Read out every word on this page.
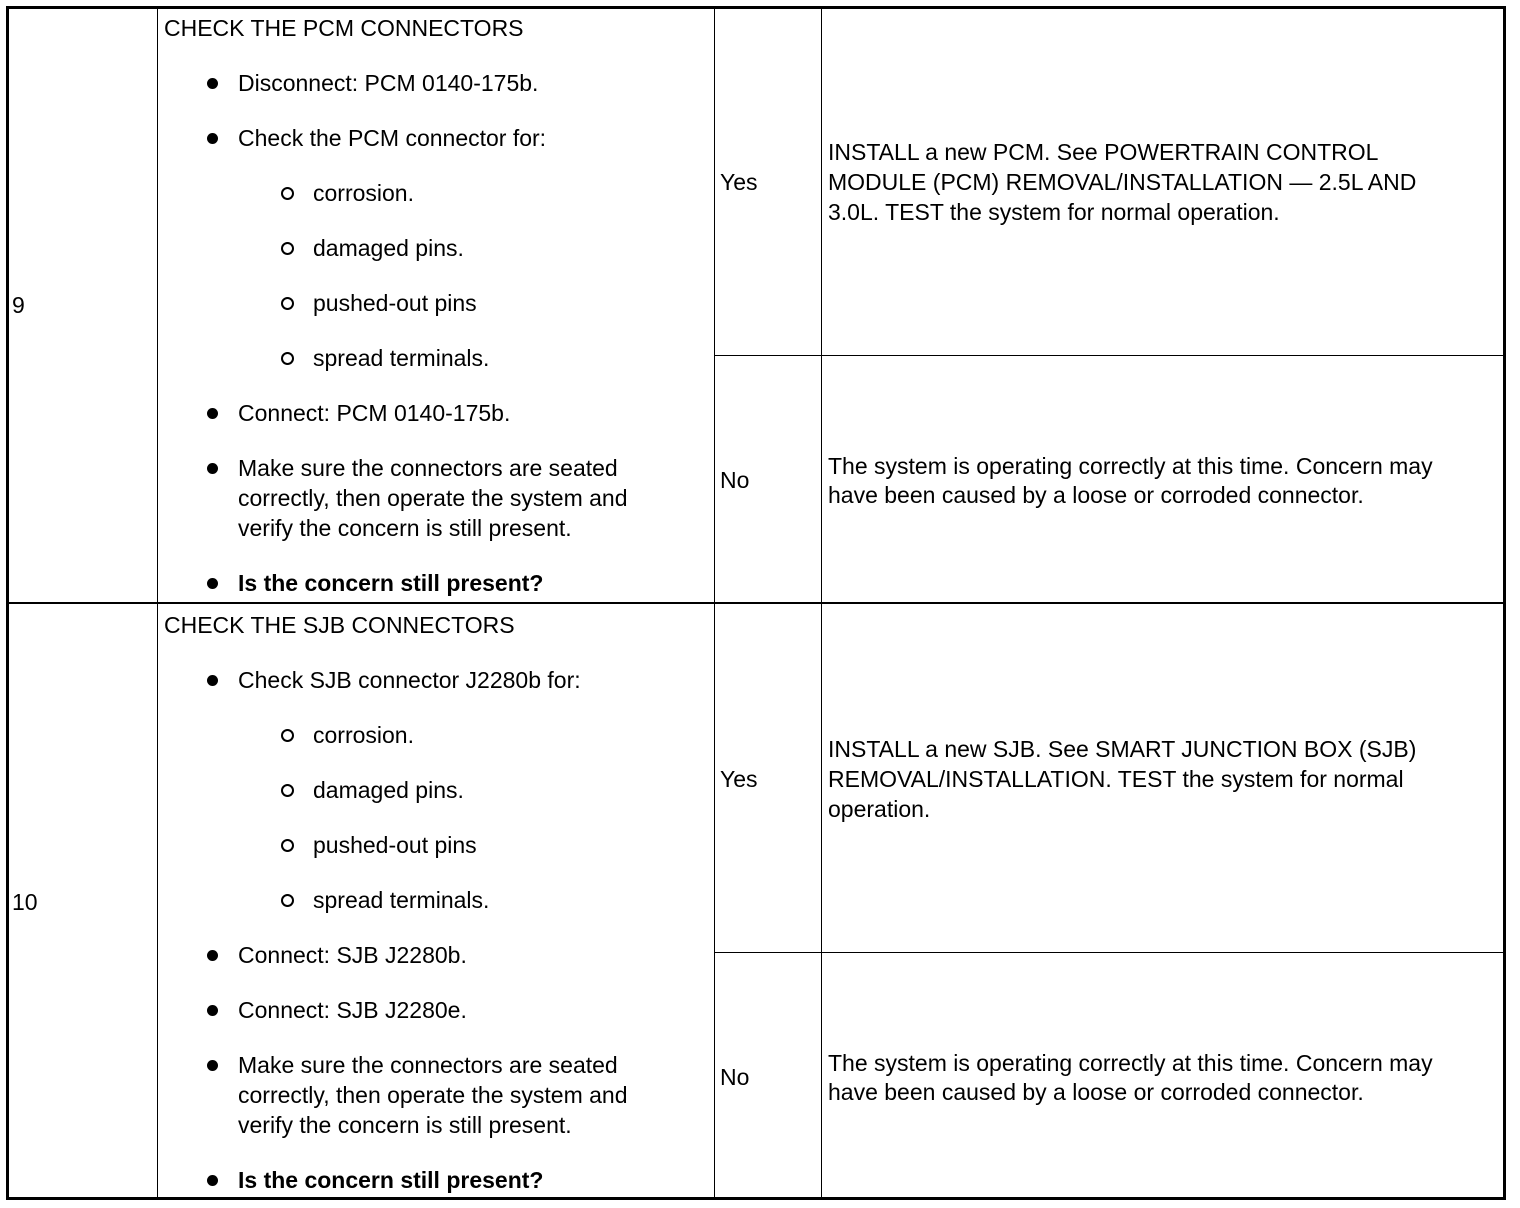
9
CHECK THE PCM CONNECTORS
Disconnect: PCM 0140-175b.
Check the PCM connector for:
corrosion.
damaged pins.
pushed-out pins
spread terminals.
Connect: PCM 0140-175b.
Make sure the connectors are seated
correctly, then operate the system and
verify the concern is still present.
Is the concern still present?
Yes
INSTALL a new PCM. See POWERTRAIN CONTROL
MODULE (PCM) REMOVAL/INSTALLATION — 2.5L AND
3.0L. TEST the system for normal operation.
No
The system is operating correctly at this time. Concern may
have been caused by a loose or corroded connector.
10
CHECK THE SJB CONNECTORS
Check SJB connector J2280b for:
corrosion.
damaged pins.
pushed-out pins
spread terminals.
Connect: SJB J2280b.
Connect: SJB J2280e.
Make sure the connectors are seated
correctly, then operate the system and
verify the concern is still present.
Is the concern still present?
Yes
INSTALL a new SJB. See SMART JUNCTION BOX (SJB)
REMOVAL/INSTALLATION. TEST the system for normal
operation.
No
The system is operating correctly at this time. Concern may
have been caused by a loose or corroded connector.
